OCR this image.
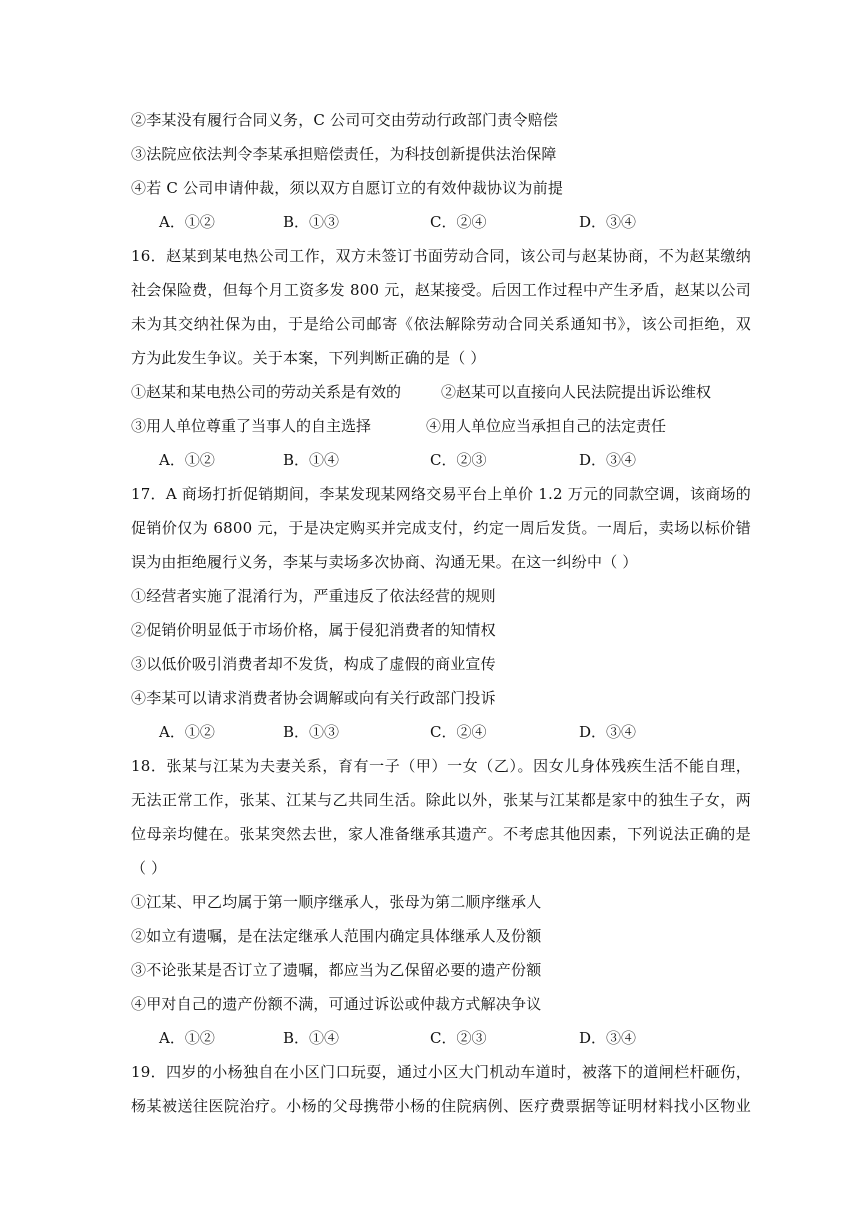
②李某没有履行合同义务，C 公司可交由劳动行政部门责令赔偿
③法院应依法判令李某承担赔偿责任，为科技创新提供法治保障
④若 C 公司申请仲裁，须以双方自愿订立的有效仲裁协议为前提
A．①②	B．①③	C．②④	D．③④
16．赵某到某电热公司工作，双方未签订书面劳动合同，该公司与赵某协商，不为赵某缴纳
社会保险费，但每个月工资多发 800 元，赵某接受。后因工作过程中产生矛盾，赵某以公司
未为其交纳社保为由，于是给公司邮寄《依法解除劳动合同关系通知书》，该公司拒绝，双
方为此发生争议。关于本案，下列判断正确的是（ ）
①赵某和某电热公司的劳动关系是有效的	②赵某可以直接向人民法院提出诉讼维权
③用人单位尊重了当事人的自主选择	④用人单位应当承担自己的法定责任
A．①②	B．①④	C．②③	D．③④
17．A 商场打折促销期间，李某发现某网络交易平台上单价 1.2 万元的同款空调，该商场的
促销价仅为 6800 元，于是决定购买并完成支付，约定一周后发货。一周后，卖场以标价错
误为由拒绝履行义务，李某与卖场多次协商、沟通无果。在这一纠纷中（ ）
①经营者实施了混淆行为，严重违反了依法经营的规则
②促销价明显低于市场价格，属于侵犯消费者的知情权
③以低价吸引消费者却不发货，构成了虚假的商业宣传
④李某可以请求消费者协会调解或向有关行政部门投诉
A．①②	B．①③	C．②④	D．③④
18．张某与江某为夫妻关系，育有一子（甲）一女（乙）。因女儿身体残疾生活不能自理，
无法正常工作，张某、江某与乙共同生活。除此以外，张某与江某都是家中的独生子女，两
位母亲均健在。张某突然去世，家人准备继承其遗产。不考虑其他因素，下列说法正确的是
（ ）
①江某、甲乙均属于第一顺序继承人，张母为第二顺序继承人
②如立有遗嘱，是在法定继承人范围内确定具体继承人及份额
③不论张某是否订立了遗嘱，都应当为乙保留必要的遗产份额
④甲对自己的遗产份额不满，可通过诉讼或仲裁方式解决争议
A．①②	B．①④	C．②③	D．③④
19．四岁的小杨独自在小区门口玩耍，通过小区大门机动车道时，被落下的道闸栏杆砸伤，
杨某被送往医院治疗。小杨的父母携带小杨的住院病例、医疗费票据等证明材料找小区物业
